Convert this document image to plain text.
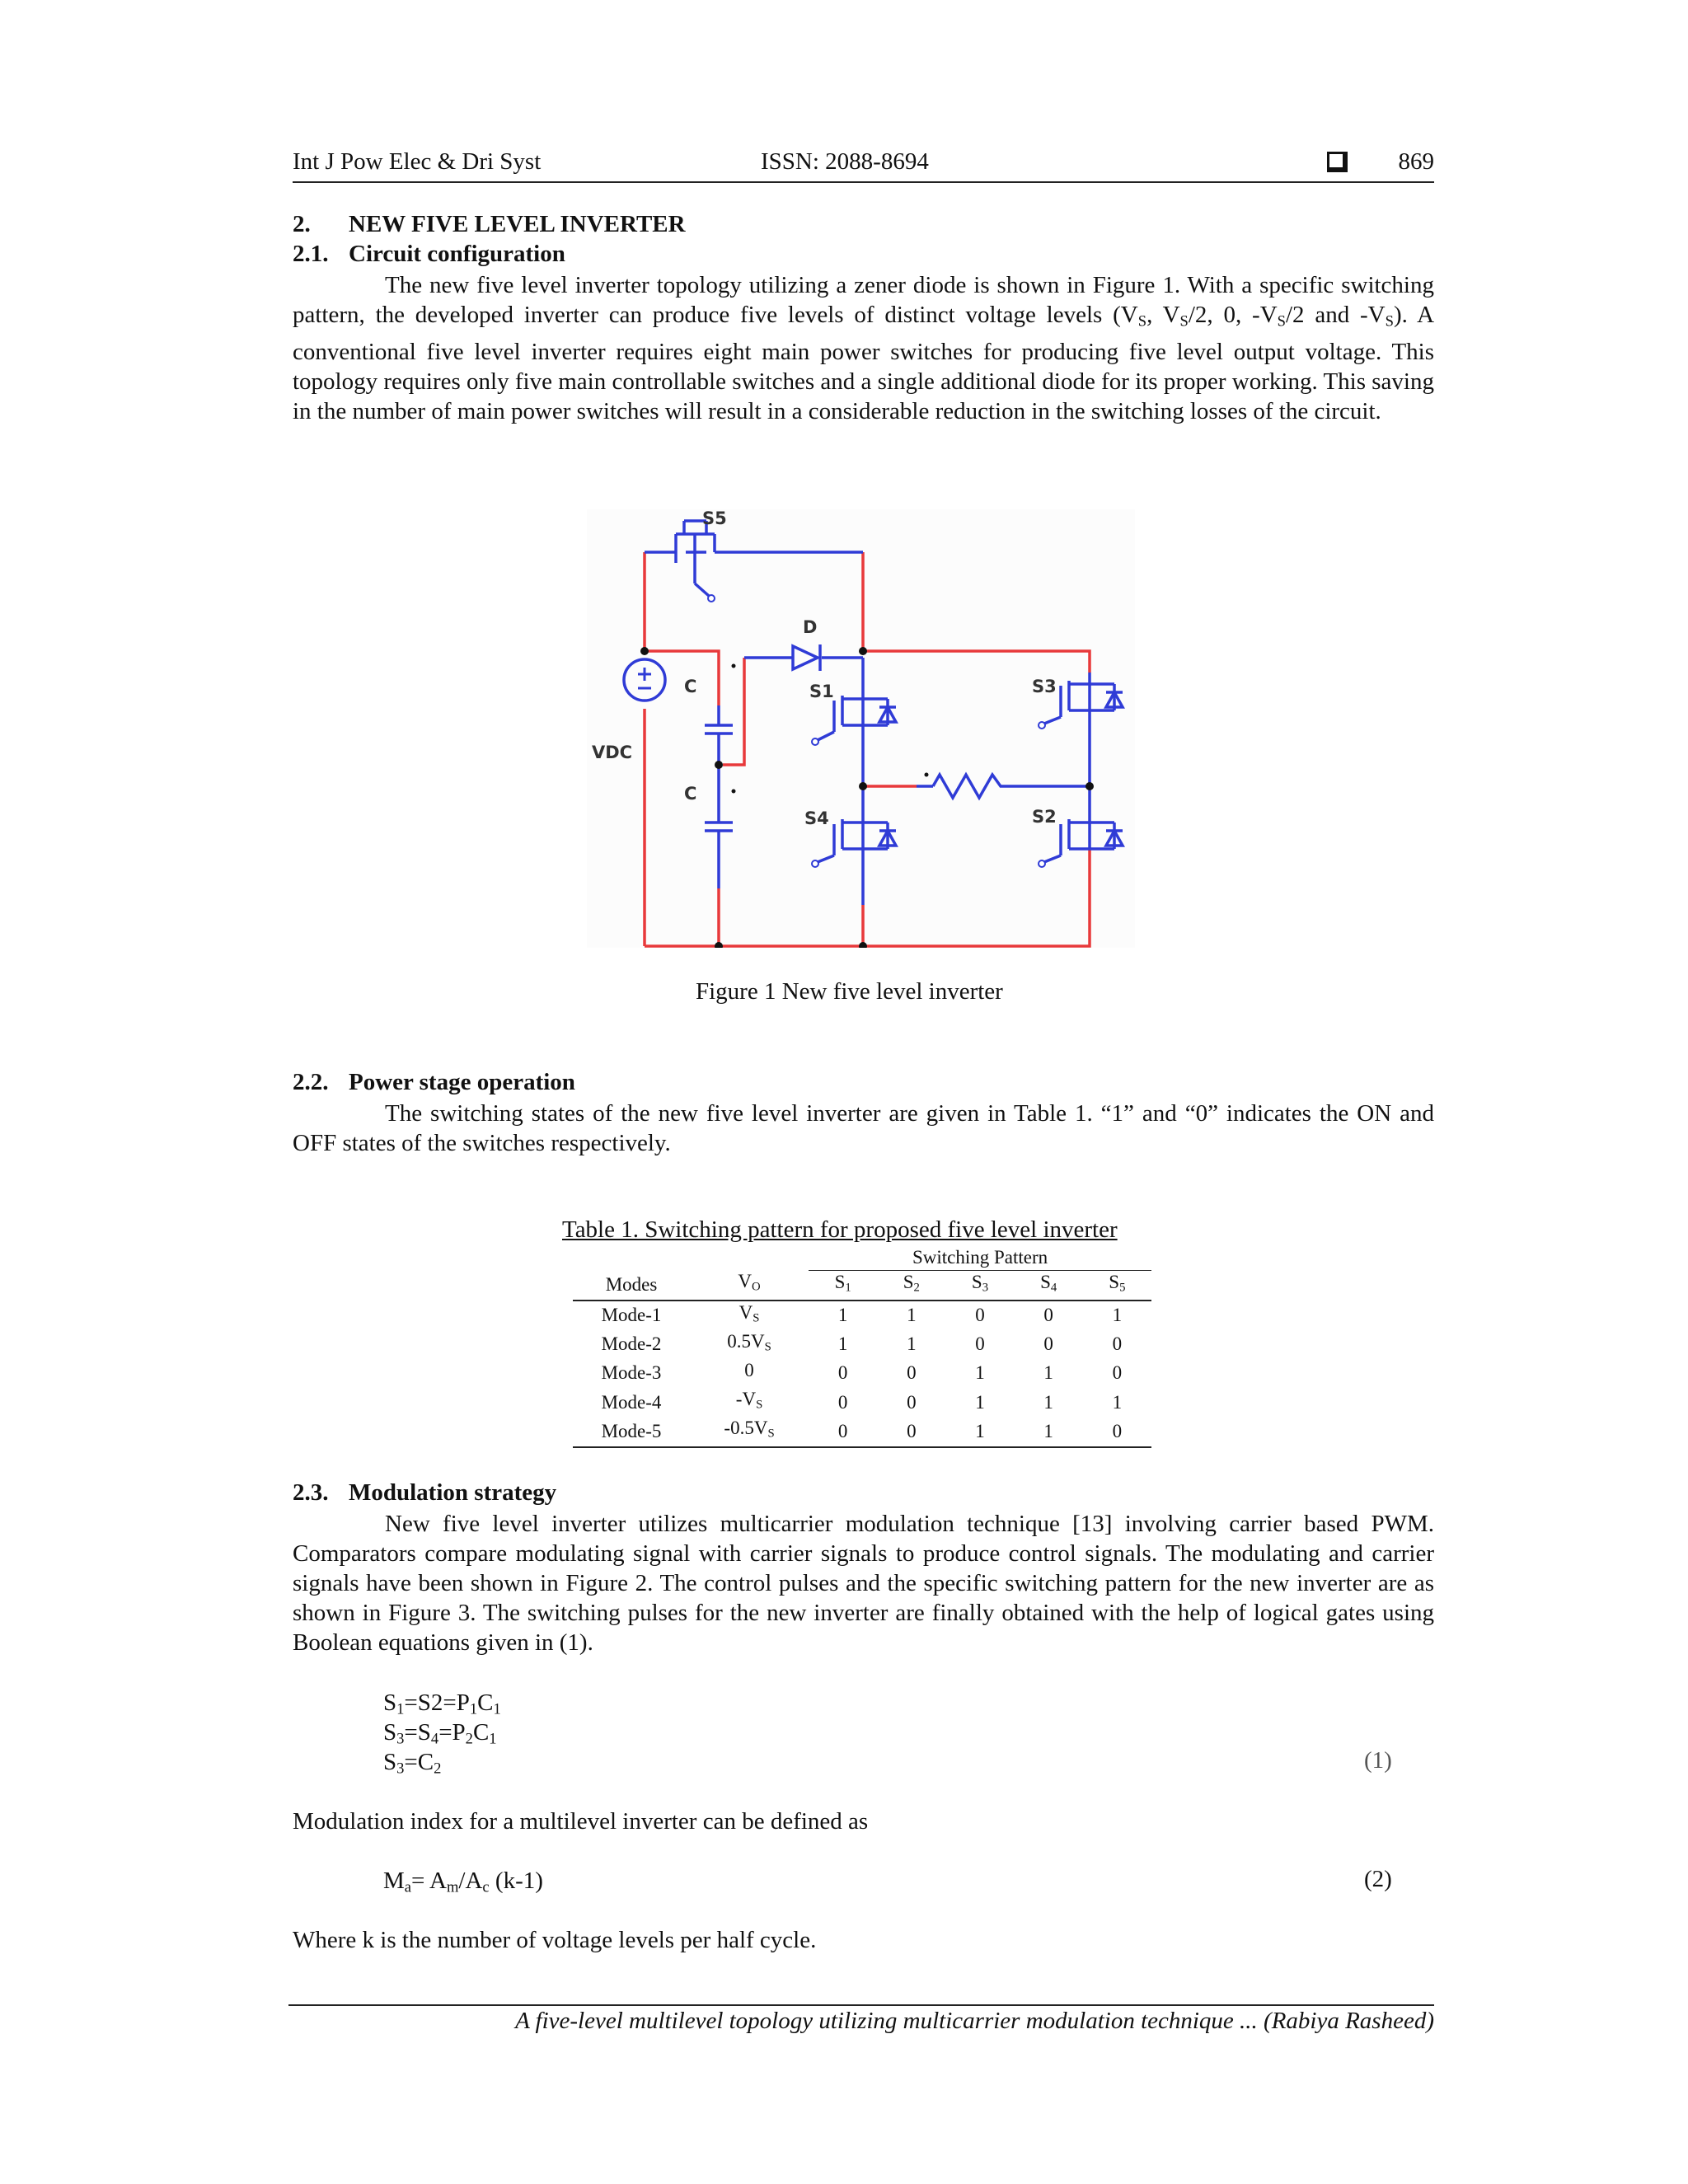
Int J Pow Elec & Dri Syst	ISSN: 2088-8694	869
2. NEW FIVE LEVEL INVERTER
2.1. Circuit configuration
The new five level inverter topology utilizing a zener diode is shown in Figure 1. With a specific switching pattern, the developed inverter can produce five levels of distinct voltage levels ($V_S$, $V_S/2$, 0, $-V_S/2$ and $-V_S$). A conventional five level inverter requires eight main power switches for producing five level output voltage. This topology requires only five main controllable switches and a single additional diode for its proper working. This saving in the number of main power switches will result in a considerable reduction in the switching losses of the circuit.
S5
D
C
C
VDC
S1
S4
S3
S2
Figure 1 New five level inverter
2.2. Power stage operation
The switching states of the new five level inverter are given in Table 1. “1” and “0” indicates the ON and OFF states of the switches respectively.
Table 1. Switching pattern for proposed five level inverter
		Switching Pattern				
Modes	$V_O$	$S_1$	$S_2$	$S_3$	$S_4$	$S_5$
Mode-1	$V_S$	1	1	0	0	1
Mode-2	$0.5V_S$	1	1	0	0	0
Mode-3	0	0	0	1	1	0
Mode-4	$-V_S$	0	0	1	1	1
Mode-5	$-0.5V_S$	0	0	1	1	0
2.3. Modulation strategy
New five level inverter utilizes multicarrier modulation technique [13] involving carrier based PWM. Comparators compare modulating signal with carrier signals to produce control signals. The modulating and carrier signals have been shown in Figure 2. The control pulses and the specific switching pattern for the new inverter are as shown in Figure 3. The switching pulses for the new inverter are finally obtained with the help of logical gates using Boolean equations given in (1).
$S_1=S2=P_1C_1$
$S_3=S_4=P_2C_1$
$S_3=C_2$	(1)
Modulation index for a multilevel inverter can be defined as
$M_a= A_m/A_c$ (k-1)	(2)
Where k is the number of voltage levels per half cycle.
A five-level multilevel topology utilizing multicarrier modulation technique ... (Rabiya Rasheed)
